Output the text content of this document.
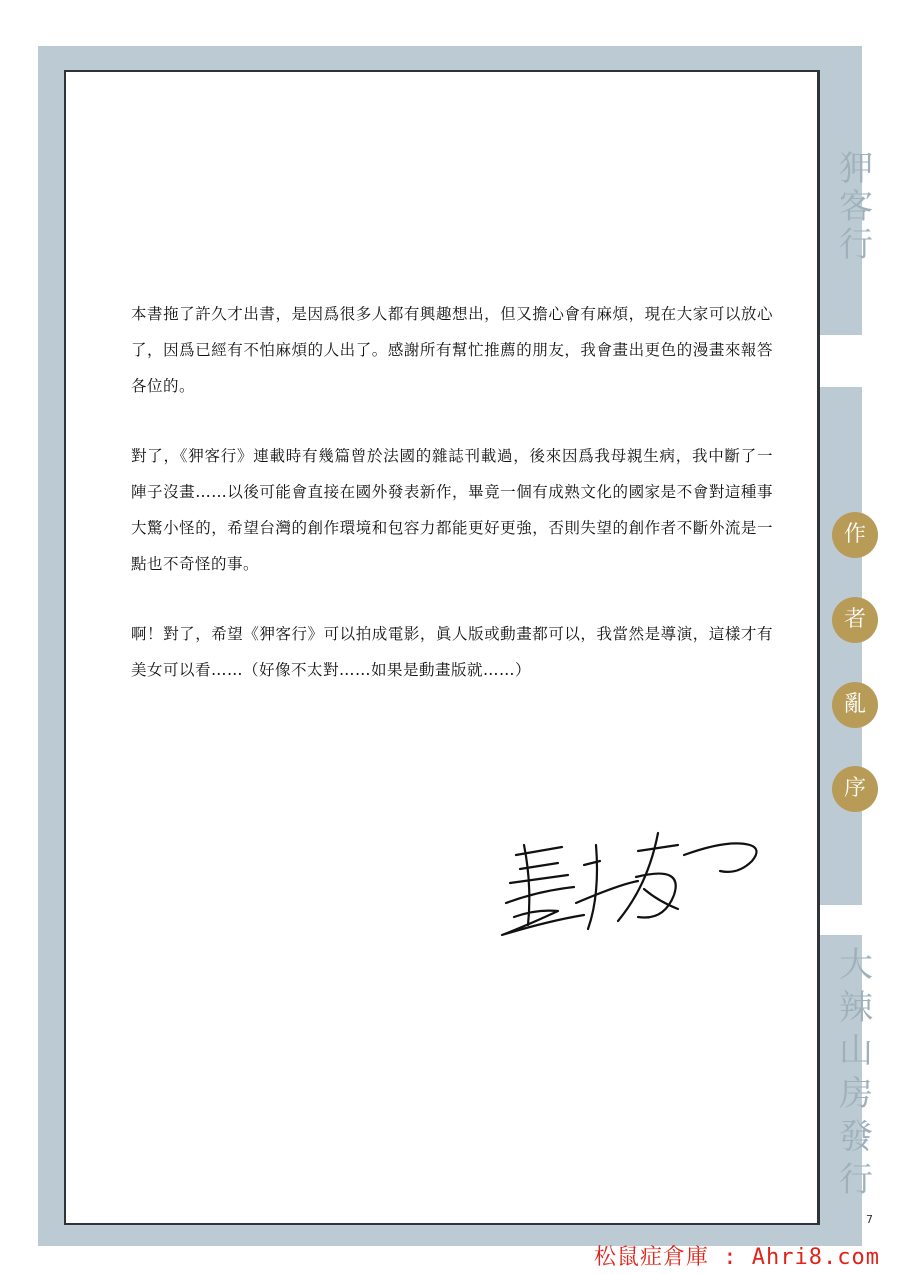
狎
客
行
作
者
亂
序
大
辣
山
房
發
行

本書拖了許久才出書，是因爲很多人都有興趣想出，但又擔心會有麻煩，現在大家可以放心了，因爲已經有不怕麻煩的人出了。感謝所有幫忙推薦的朋友，我會畫出更色的漫畫來報答各位的。

對了，《狎客行》連載時有幾篇曾於法國的雜誌刊載過，後來因爲我母親生病，我中斷了一陣子沒畫……以後可能會直接在國外發表新作，畢竟一個有成熟文化的國家是不會對這種事大驚小怪的，希望台灣的創作環境和包容力都能更好更強，否則失望的創作者不斷外流是一點也不奇怪的事。

啊！對了，希望《狎客行》可以拍成電影，眞人版或動畫都可以，我當然是導演，這樣才有美女可以看……（好像不太對……如果是動畫版就……）

7
松鼠症倉庫 : Ahri8.com
